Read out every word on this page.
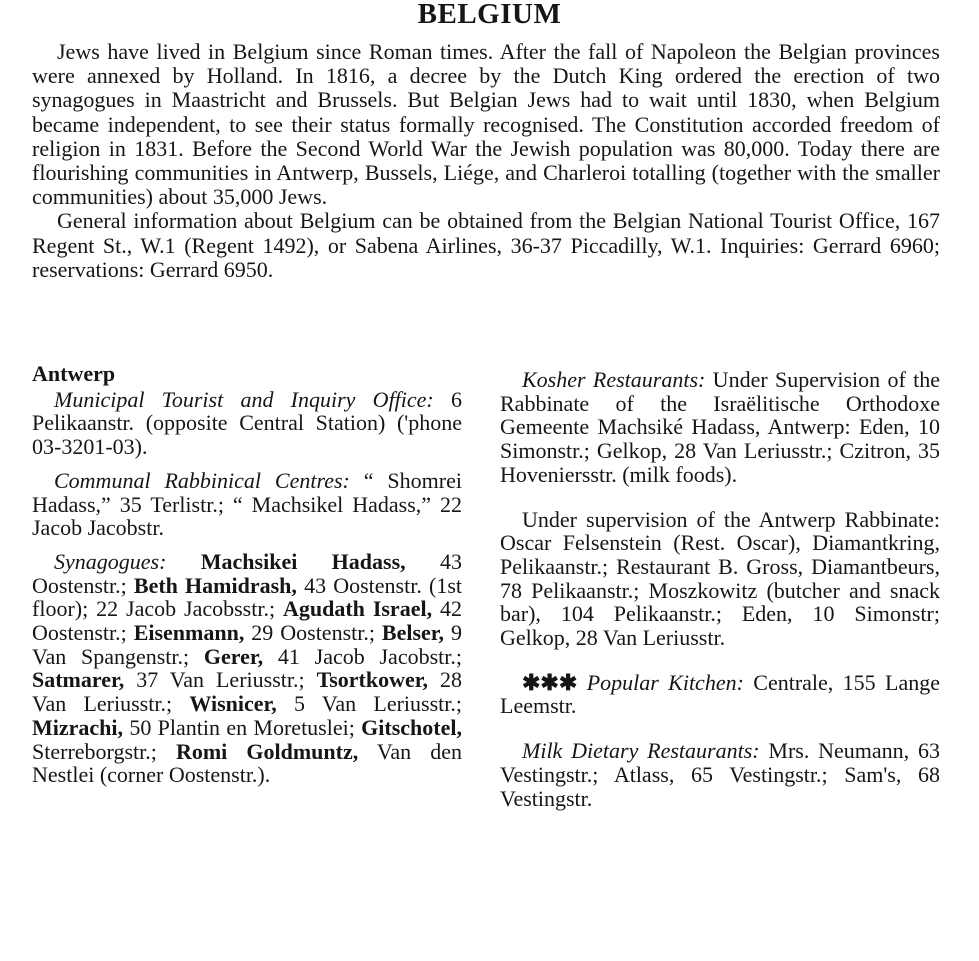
BELGIUM

Jews have lived in Belgium since Roman times. After the fall of Napoleon the Belgian provinces were annexed by Holland. In 1816, a decree by the Dutch King ordered the erection of two synagogues in Maastricht and Brussels. But Belgian Jews had to wait until 1830, when Belgium became independent, to see their status formally recognised. The Constitution accorded freedom of religion in 1831. Before the Second World War the Jewish population was 80,000. Today there are flourishing communities in Antwerp, Bussels, Liége, and Charleroi totalling (together with the smaller communities) about 35,000 Jews.

General information about Belgium can be obtained from the Belgian National Tourist Office, 167 Regent St., W.1 (Regent 1492), or Sabena Airlines, 36-37 Piccadilly, W.1. Inquiries: Gerrard 6960; reservations: Gerrard 6950.

Antwerp

Municipal Tourist and Inquiry Office: 6 Pelikaanstr. (opposite Central Station) ('phone 03-3201-03).

Communal Rabbinical Centres: “ Shomrei Hadass,” 35 Terlistr.; “ Machsikel Hadass,” 22 Jacob Jacobstr.

Synagogues: Machsikei Hadass, 43 Oostenstr.; Beth Hamidrash, 43 Oostenstr. (1st floor); 22 Jacob Jacobsstr.; Agudath Israel, 42 Oostenstr.; Eisenmann, 29 Oostenstr.; Belser, 9 Van Spangenstr.; Gerer, 41 Jacob Jacobstr.; Satmarer, 37 Van Leriusstr.; Tsortkower, 28 Van Leriusstr.; Wisnicer, 5 Van Leriusstr.; Mizrachi, 50 Plantin en Moretuslei; Gitschotel, Sterreborgstr.; Romi Goldmuntz, Van den Nestlei (corner Oostenstr.).

Kosher Restaurants: Under Supervision of the Rabbinate of the Israëlitische Orthodoxe Gemeente Machsiké Hadass, Antwerp: Eden, 10 Simonstr.; Gelkop, 28 Van Leriusstr.; Czitron, 35 Hoveniersstr. (milk foods).

Under supervision of the Antwerp Rabbinate: Oscar Felsenstein (Rest. Oscar), Diamantkring, Pelikaanstr.; Restaurant B. Gross, Diamantbeurs, 78 Pelikaanstr.; Moszkowitz (butcher and snack bar), 104 Pelikaanstr.; Eden, 10 Simonstr; Gelkop, 28 Van Leriusstr.

✱✱✱ Popular Kitchen: Centrale, 155 Lange Leemstr.

Milk Dietary Restaurants: Mrs. Neumann, 63 Vestingstr.; Atlass, 65 Vestingstr.; Sam's, 68 Vestingstr.
